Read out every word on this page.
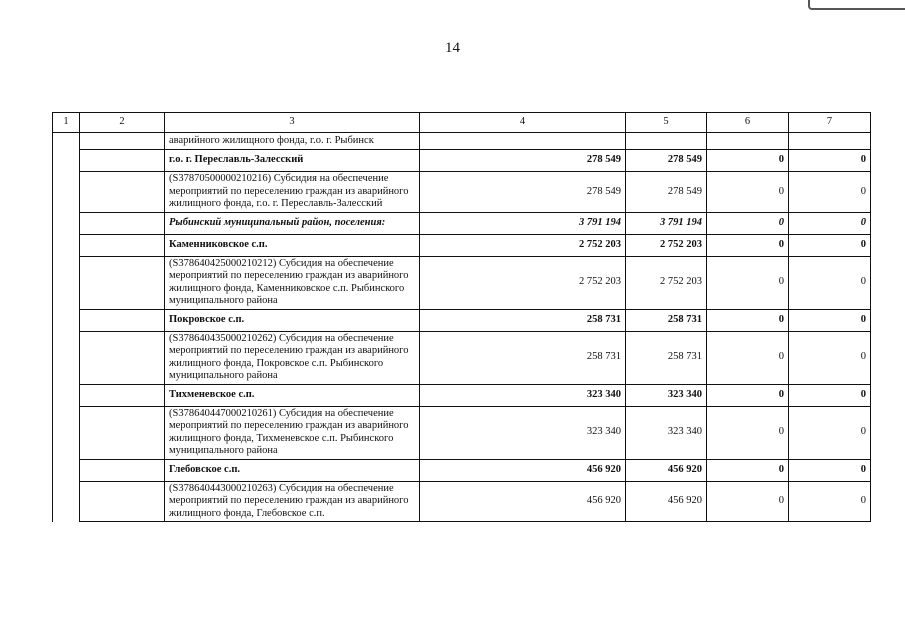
14
1	2	3	4	5	6	7
		аварийного жилищного фонда, г.о. г. Рыбинск				
		г.о. г. Переславль-Залесский	278 549	278 549	0	0
		(S37870500000210216) Субсидия на обеспечение мероприятий по переселению граждан из аварийного жилищного фонда, г.о. г. Переславль-Залесский	278 549	278 549	0	0
		Рыбинский муниципальный район, поселения:	3 791 194	3 791 194	0	0
		Каменниковское с.п.	2 752 203	2 752 203	0	0
		(S37864042500021021​2) Субсидия на обеспечение мероприятий по переселению граждан из аварийного жилищного фонда, Каменниковское с.п. Рыбинского муниципального района	2 752 203	2 752 203	0	0
		Покровское с.п.	258 731	258 731	0	0
		(S378640435000210262) Субсидия на обеспечение мероприятий по переселению граждан из аварийного жилищного фонда, Покровское с.п. Рыбинского муниципального района	258 731	258 731	0	0
		Тихменевское с.п.	323 340	323 340	0	0
		(S378640447000210261) Субсидия на обеспечение мероприятий по переселению граждан из аварийного жилищного фонда, Тихменевское с.п. Рыбинского муниципального района	323 340	323 340	0	0
		Глебовское с.п.	456 920	456 920	0	0
		(S378640443000210263) Субсидия на обеспечение мероприятий по переселению граждан из аварийного жилищного фонда, Глебовское с.п.	456 920	456 920	0	0
